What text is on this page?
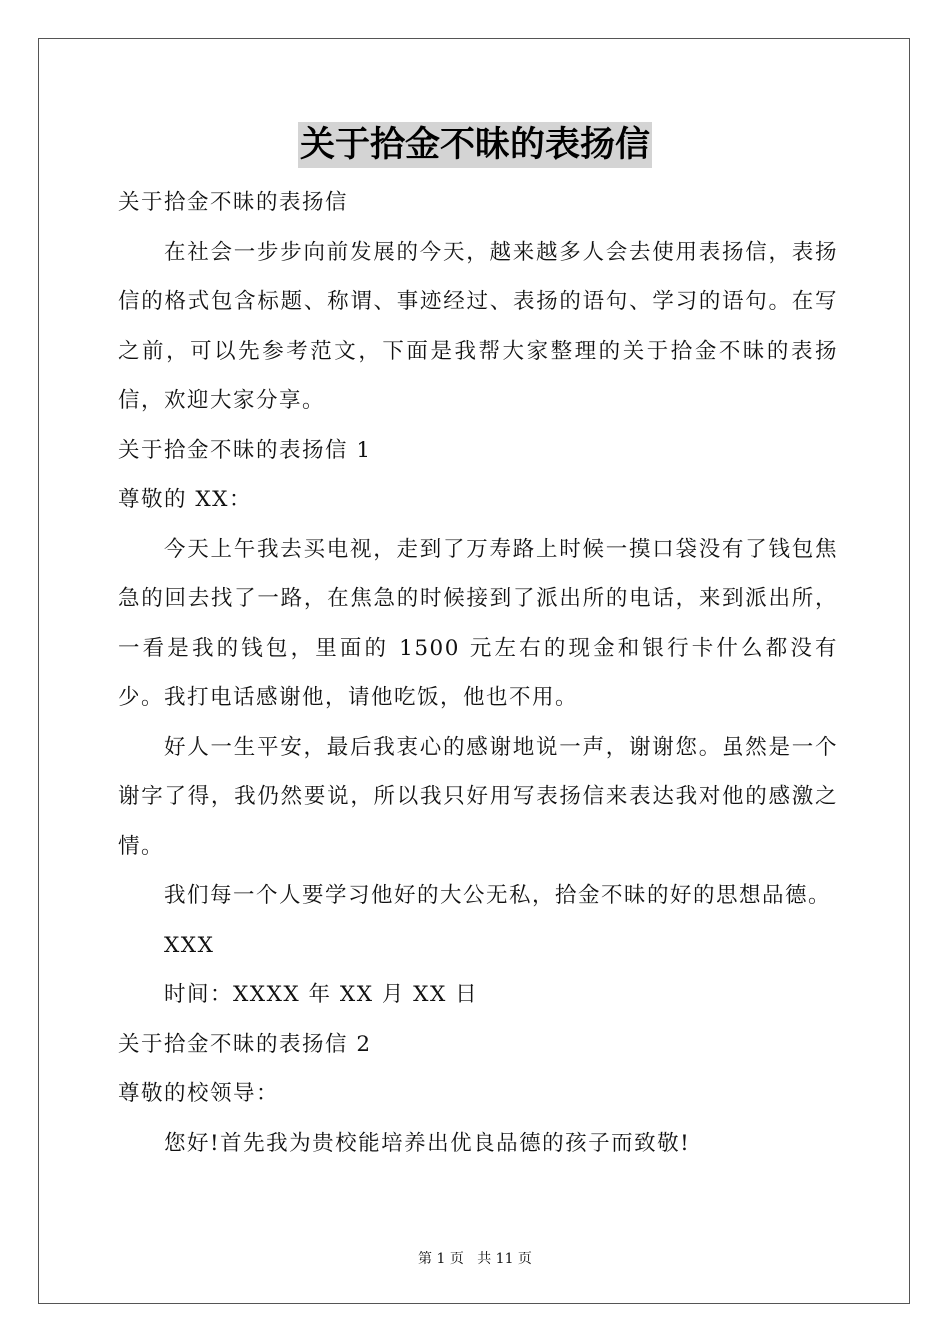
关于拾金不昧的表扬信

关于拾金不昧的表扬信

在社会一步步向前发展的今天，越来越多人会去使用表扬信，表扬信的格式包含标题、称谓、事迹经过、表扬的语句、学习的语句。在写之前，可以先参考范文，下面是我帮大家整理的关于拾金不昧的表扬信，欢迎大家分享。

关于拾金不昧的表扬信 1

尊敬的 XX：

今天上午我去买电视，走到了万寿路上时候一摸口袋没有了钱包焦急的回去找了一路，在焦急的时候接到了派出所的电话，来到派出所，一看是我的钱包，里面的 1500 元左右的现金和银行卡什么都没有少。我打电话感谢他，请他吃饭，他也不用。

好人一生平安，最后我衷心的感谢地说一声，谢谢您。虽然是一个谢字了得，我仍然要说，所以我只好用写表扬信来表达我对他的感激之情。

我们每一个人要学习他好的大公无私，拾金不昧的好的思想品德。

XXX

时间：XXXX 年 XX 月 XX 日

关于拾金不昧的表扬信 2

尊敬的校领导：

您好!首先我为贵校能培养出优良品德的孩子而致敬!

第 1 页 共 11 页
